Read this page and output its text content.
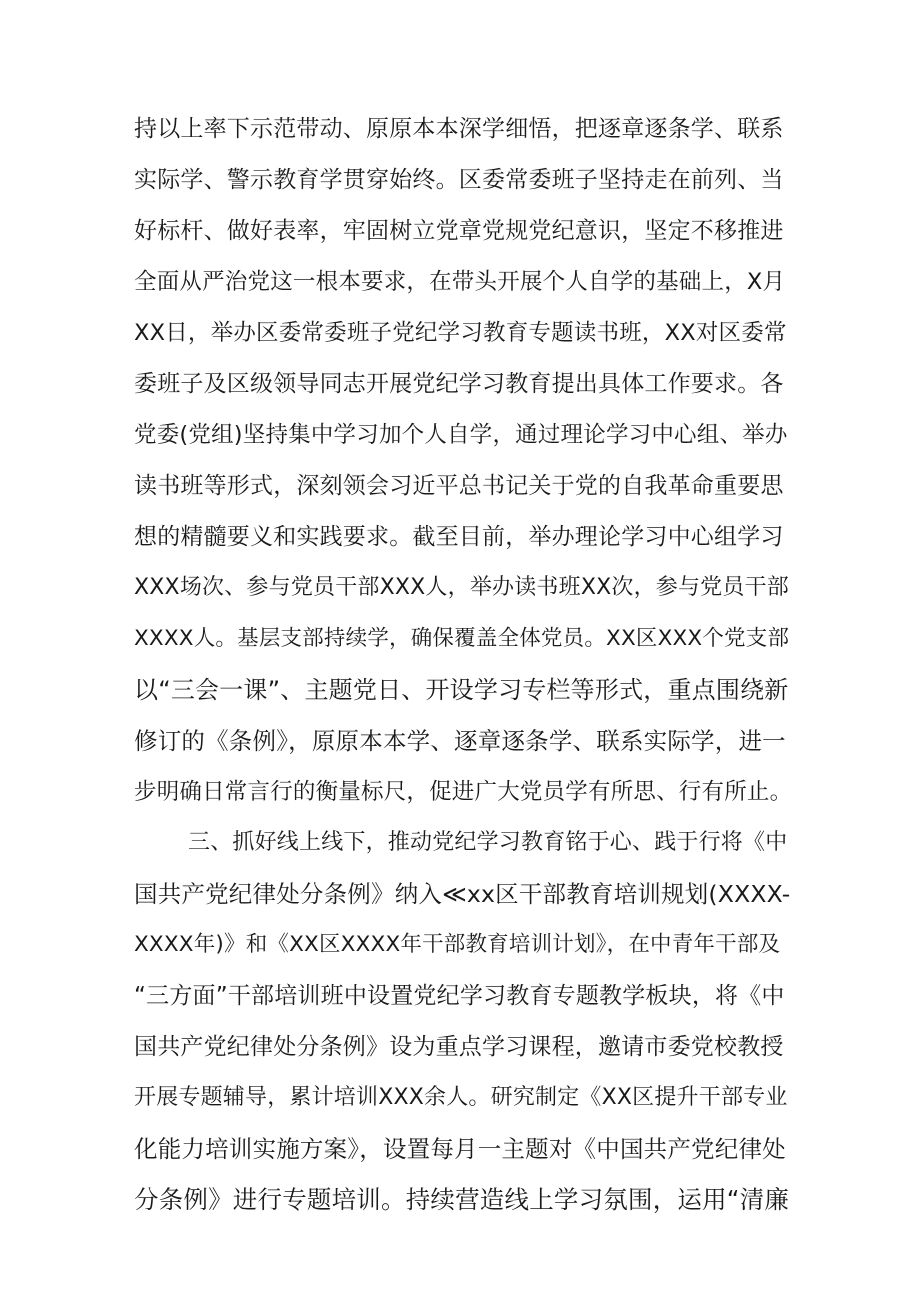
持以上率下示范带动、原原本本深学细悟，把逐章逐条学、联系
实际学、警示教育学贯穿始终。区委常委班子坚持走在前列、当
好标杆、做好表率，牢固树立党章党规党纪意识，坚定不移推进
全面从严治党这一根本要求，在带头开展个人自学的基础上，X月
XX日，举办区委常委班子党纪学习教育专题读书班，XX对区委常
委班子及区级领导同志开展党纪学习教育提出具体工作要求。各
党委(党组)坚持集中学习加个人自学，通过理论学习中心组、举办
读书班等形式，深刻领会习近平总书记关于党的自我革命重要思
想的精髓要义和实践要求。截至目前，举办理论学习中心组学习
XXX场次、参与党员干部XXX人，举办读书班XX次，参与党员干部
XXXX人。基层支部持续学，确保覆盖全体党员。XX区XXX个党支部
以“三会一课”、主题党日、开设学习专栏等形式，重点围绕新
修订的《条例》，原原本本学、逐章逐条学、联系实际学，进一
步明确日常言行的衡量标尺，促进广大党员学有所思、行有所止。
三、抓好线上线下，推动党纪学习教育铭于心、践于行将《中
国共产党纪律处分条例》纳入≪xx区干部教育培训规划(XXXX-
XXXX年)》和《XX区XXXX年干部教育培训计划》，在中青年干部及
“三方面”干部培训班中设置党纪学习教育专题教学板块，将《中
国共产党纪律处分条例》设为重点学习课程，邀请市委党校教授
开展专题辅导，累计培训XXX余人。研究制定《XX区提升干部专业
化能力培训实施方案》，设置每月一主题对《中国共产党纪律处
分条例》进行专题培训。持续营造线上学习氛围，运用“清廉
